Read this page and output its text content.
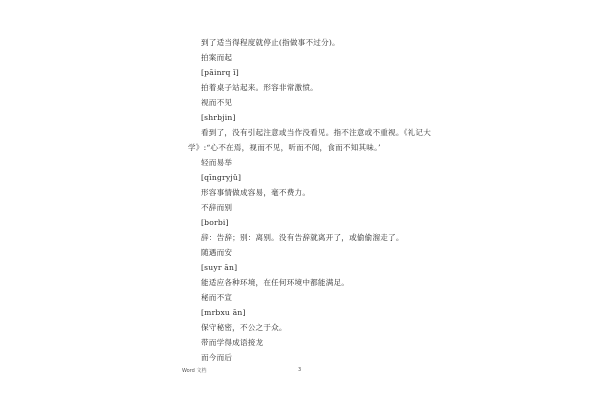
到了适当得程度就停止(指做事不过分)。
拍案而起
[pāinrq ǐ]
拍着桌子站起来。形容非常激愤。
视而不见
[shrbjin]
看到了，没有引起注意或当作没看见。指不注意或不重视。《礼记大
学》:“心不在焉，视而不见，听而不闻，食而不知其味。’
轻而易举
[qīngryjǔ]
形容事情做成容易，毫不费力。
不辞而别
[borbi]
辞：告辞；别：离别。没有告辞就离开了，或偷偷溜走了。
随遇而安
[suyr ān]
能适应各种环境，在任何环境中都能满足。
秘而不宣
[mrbxu ān]
保守秘密，不公之于众。
带而学得成语接龙
而今而后
Word 文档	3
